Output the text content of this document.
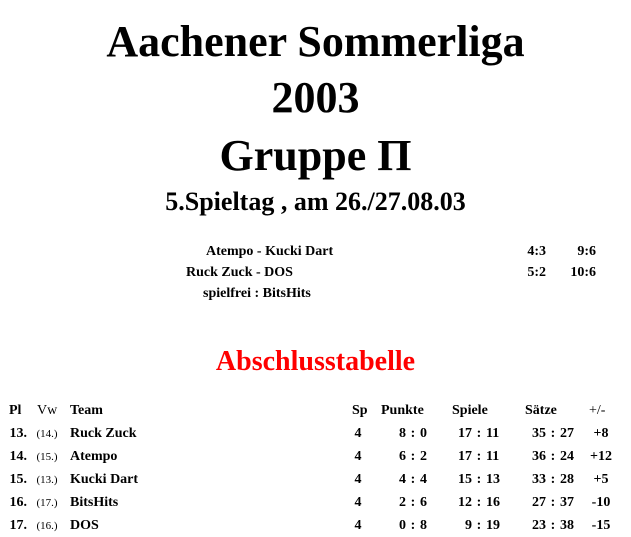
Aachener Sommerliga
2003
Gruppe Π
5.Spieltag , am 26./27.08.03
Atempo - Kucki Dart	4:3	9:6
Ruck Zuck - DOS	5:2	10:6
spielfrei : BitsHits
Abschlusstabelle
Pl Vw Team	Sp Punkte Spiele	Sätze +/-
13. (14.) Ruck Zuck	4	8 : 0	17 : 11	35 : 27	+8
14. (15.) Atempo	4	6 : 2	17 : 11	36 : 24	+12
15. (13.) Kucki Dart	4	4 : 4	15 : 13	33 : 28	+5
16. (17.) BitsHits	4	2 : 6	12 : 16	27 : 37	-10
17. (16.) DOS	4	0 : 8	9 : 19	23 : 38	-15
